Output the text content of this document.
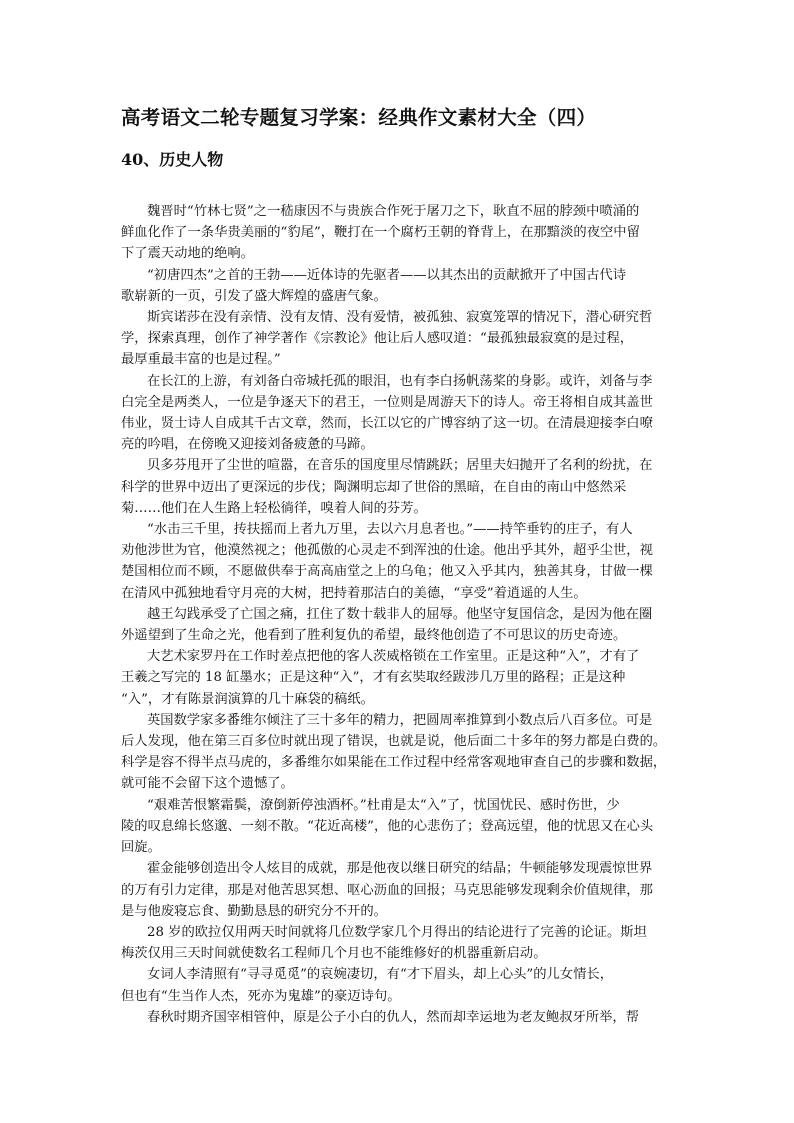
高考语文二轮专题复习学案：经典作文素材大全（四）
40、历史人物

魏晋时“竹林七贤”之一嵇康因不与贵族合作死于屠刀之下，耿直不屈的脖颈中喷涌的
鲜血化作了一条华贵美丽的“豹尾”，鞭打在一个腐朽王朝的脊背上，在那黯淡的夜空中留
下了震天动地的绝响。

“初唐四杰”之首的王勃——近体诗的先驱者——以其杰出的贡献掀开了中国古代诗
歌崭新的一页，引发了盛大辉煌的盛唐气象。

斯宾诺莎在没有亲情、没有友情、没有爱情，被孤独、寂寞笼罩的情况下，潜心研究哲
学，探索真理，创作了神学著作《宗教论》他让后人感叹道：“最孤独最寂寞的是过程，
最厚重最丰富的也是过程。”

在长江的上游，有刘备白帝城托孤的眼泪，也有李白扬帆荡桨的身影。或许，刘备与李
白完全是两类人，一位是争逐天下的君王，一位则是周游天下的诗人。帝王将相自成其盖世
伟业，贤士诗人自成其千古文章，然而，长江以它的广博容纳了这一切。在清晨迎接李白嘹
亮的吟唱，在傍晚又迎接刘备疲惫的马蹄。

贝多芬甩开了尘世的喧嚣，在音乐的国度里尽情跳跃；居里夫妇抛开了名利的纷扰，在
科学的世界中迈出了更深远的步伐；陶渊明忘却了世俗的黑暗，在自由的南山中悠然采
菊……他们在人生路上轻松徜徉，嗅着人间的芬芳。

“水击三千里，抟扶摇而上者九万里，去以六月息者也。”——持竿垂钓的庄子，有人
劝他涉世为官，他漠然视之；他孤傲的心灵走不到浑浊的仕途。他出乎其外，超乎尘世，视
楚国相位而不顾，不愿做供奉于高高庙堂之上的乌龟；他又入乎其内，独善其身，甘做一棵
在清风中孤独地看守月亮的大树，把持着那洁白的美德，“享受”着逍遥的人生。

越王勾践承受了亡国之痛，扛住了数十载非人的屈辱。他坚守复国信念，是因为他在圈
外遥望到了生命之光，他看到了胜利复仇的希望，最终他创造了不可思议的历史奇迹。

大艺术家罗丹在工作时差点把他的客人茨威格锁在工作室里。正是这种“入”，才有了
王羲之写完的 18 缸墨水；正是这种“入”，才有玄奘取经跋涉几万里的路程；正是这种
“入”，才有陈景润演算的几十麻袋的稿纸。

英国数学家多番维尔倾注了三十多年的精力，把圆周率推算到小数点后八百多位。可是
后人发现，他在第三百多位时就出现了错误，也就是说，他后面二十多年的努力都是白费的。
科学是容不得半点马虎的，多番维尔如果能在工作过程中经常客观地审查自己的步骤和数据，
就可能不会留下这个遗憾了。

“艰难苦恨繁霜鬓，潦倒新停浊酒杯。”杜甫是太“入”了，忧国忧民、感时伤世，少
陵的叹息绵长悠邈、一刻不散。“花近高楼”，他的心悲伤了；登高远望，他的忧思又在心头
回旋。

霍金能够创造出令人炫目的成就，那是他夜以继日研究的结晶；牛顿能够发现震惊世界
的万有引力定律，那是对他苦思冥想、呕心沥血的回报；马克思能够发现剩余价值规律，那
是与他废寝忘食、勤勤恳恳的研究分不开的。

28 岁的欧拉仅用两天时间就将几位数学家几个月得出的结论进行了完善的论证。斯坦
梅茨仅用三天时间就使数名工程师几个月也不能维修好的机器重新启动。

女词人李清照有“寻寻觅觅”的哀婉凄切，有“才下眉头，却上心头”的儿女情长，
但也有“生当作人杰，死亦为鬼雄”的豪迈诗句。

春秋时期齐国宰相管仲，原是公子小白的仇人，然而却幸运地为老友鲍叔牙所举，帮
